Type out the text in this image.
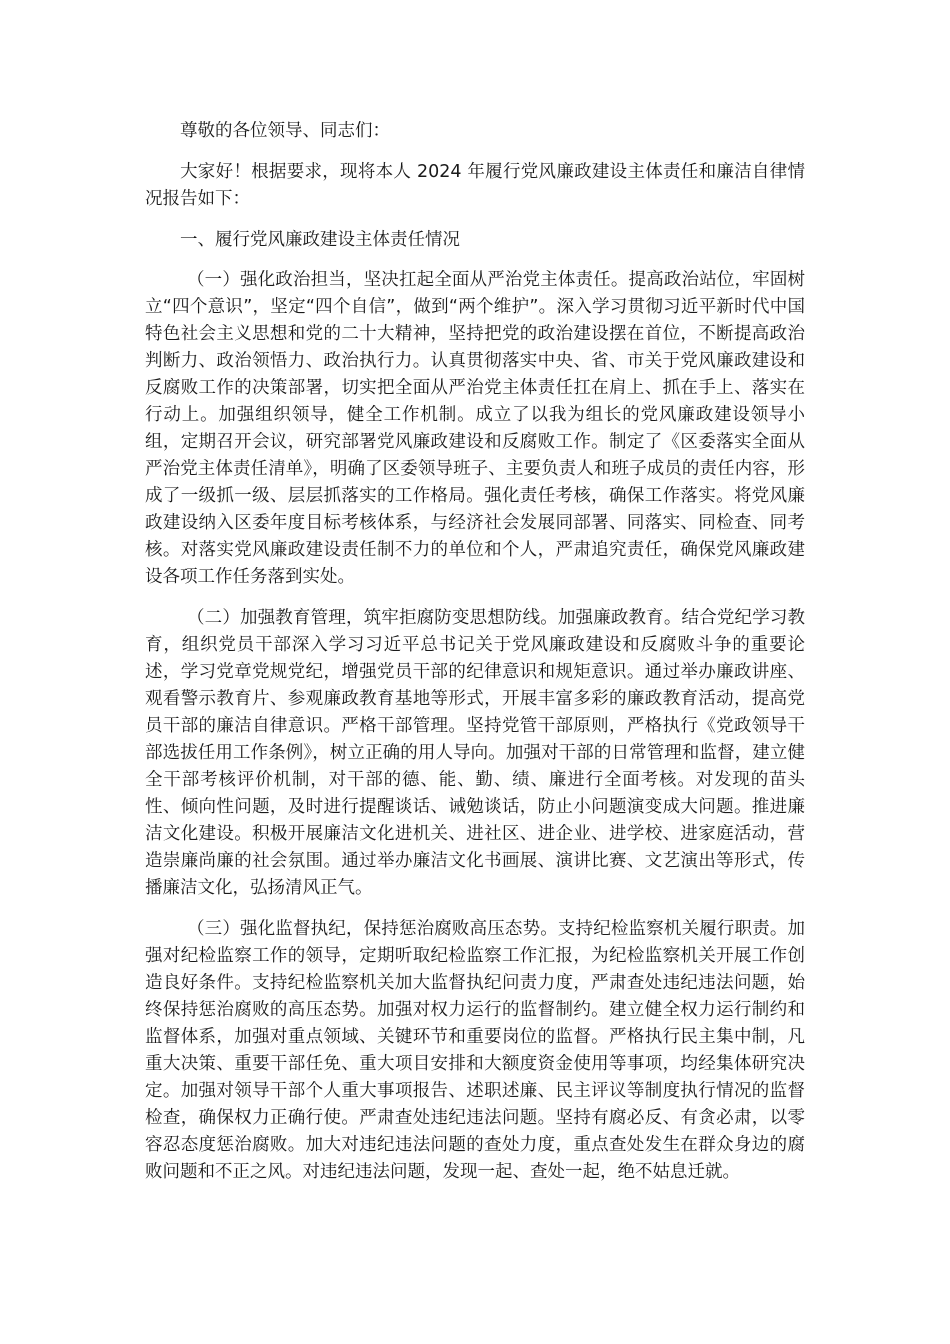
尊敬的各位领导、同志们：

大家好！根据要求，现将本人 2024 年履行党风廉政建设主体责任和廉洁自律情况报告如下：

一、履行党风廉政建设主体责任情况

（一）强化政治担当，坚决扛起全面从严治党主体责任。提高政治站位，牢固树立“四个意识”，坚定“四个自信”，做到“两个维护”。深入学习贯彻习近平新时代中国特色社会主义思想和党的二十大精神，坚持把党的政治建设摆在首位，不断提高政治判断力、政治领悟力、政治执行力。认真贯彻落实中央、省、市关于党风廉政建设和反腐败工作的决策部署，切实把全面从严治党主体责任扛在肩上、抓在手上、落实在行动上。加强组织领导，健全工作机制。成立了以我为组长的党风廉政建设领导小组，定期召开会议，研究部署党风廉政建设和反腐败工作。制定了《区委落实全面从严治党主体责任清单》，明确了区委领导班子、主要负责人和班子成员的责任内容，形成了一级抓一级、层层抓落实的工作格局。强化责任考核，确保工作落实。将党风廉政建设纳入区委年度目标考核体系，与经济社会发展同部署、同落实、同检查、同考核。对落实党风廉政建设责任制不力的单位和个人，严肃追究责任，确保党风廉政建设各项工作任务落到实处。

（二）加强教育管理，筑牢拒腐防变思想防线。加强廉政教育。结合党纪学习教育，组织党员干部深入学习习近平总书记关于党风廉政建设和反腐败斗争的重要论述，学习党章党规党纪，增强党员干部的纪律意识和规矩意识。通过举办廉政讲座、观看警示教育片、参观廉政教育基地等形式，开展丰富多彩的廉政教育活动，提高党员干部的廉洁自律意识。严格干部管理。坚持党管干部原则，严格执行《党政领导干部选拔任用工作条例》，树立正确的用人导向。加强对干部的日常管理和监督，建立健全干部考核评价机制，对干部的德、能、勤、绩、廉进行全面考核。对发现的苗头性、倾向性问题，及时进行提醒谈话、诫勉谈话，防止小问题演变成大问题。推进廉洁文化建设。积极开展廉洁文化进机关、进社区、进企业、进学校、进家庭活动，营造崇廉尚廉的社会氛围。通过举办廉洁文化书画展、演讲比赛、文艺演出等形式，传播廉洁文化，弘扬清风正气。

（三）强化监督执纪，保持惩治腐败高压态势。支持纪检监察机关履行职责。加强对纪检监察工作的领导，定期听取纪检监察工作汇报，为纪检监察机关开展工作创造良好条件。支持纪检监察机关加大监督执纪问责力度，严肃查处违纪违法问题，始终保持惩治腐败的高压态势。加强对权力运行的监督制约。建立健全权力运行制约和监督体系，加强对重点领域、关键环节和重要岗位的监督。严格执行民主集中制，凡重大决策、重要干部任免、重大项目安排和大额度资金使用等事项，均经集体研究决定。加强对领导干部个人重大事项报告、述职述廉、民主评议等制度执行情况的监督检查，确保权力正确行使。严肃查处违纪违法问题。坚持有腐必反、有贪必肃，以零容忍态度惩治腐败。加大对违纪违法问题的查处力度，重点查处发生在群众身边的腐败问题和不正之风。对违纪违法问题，发现一起、查处一起，绝不姑息迁就。
